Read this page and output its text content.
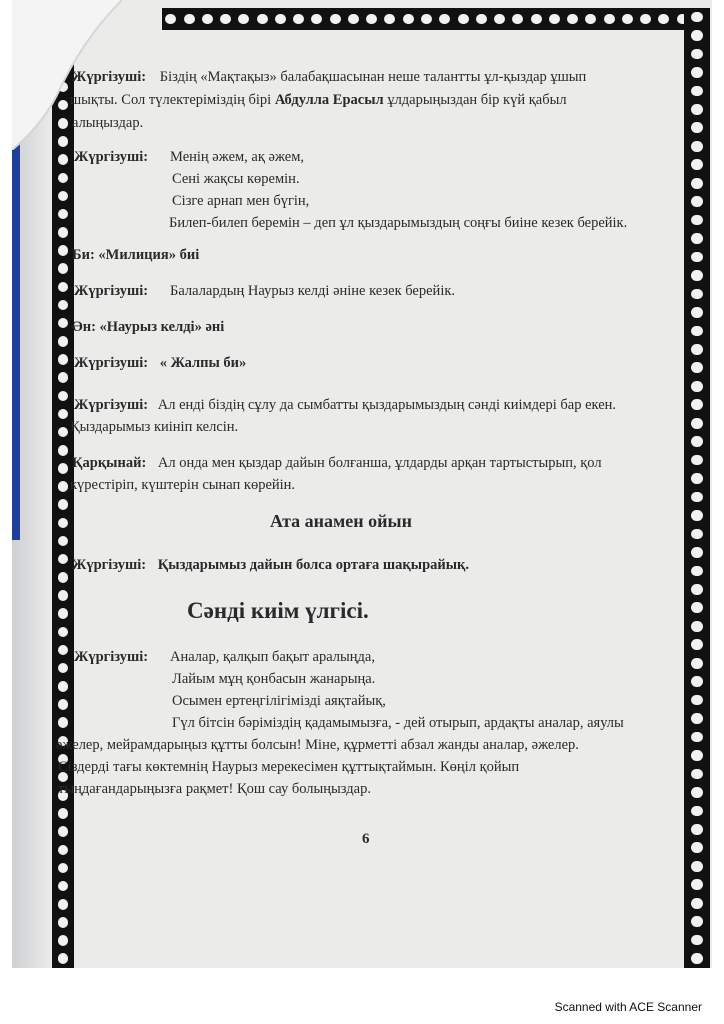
Жүргізуші: Біздің «Мақтақыз» балабақшасынан неше талантты ұл-қыздар ұшып
шықты. Сол түлектеріміздің бірі Абдулла Ерасыл ұлдарыңыздан бір күй қабыл
алыңыздар.
Жүргізуші: Менің әжем, ақ әжем,
Сені жақсы көремін.
Сізге арнап мен бүгін,
Билеп-билеп беремін – деп ұл қыздарымыздың соңғы биіне кезек берейік.
Би: «Милиция» биі
Жүргізуші: Балалардың Наурыз келді әніне кезек берейік.
Ән: «Наурыз келді» әні
Жүргізуші: « Жалпы би»
Жүргізуші: Ал енді біздің сұлу да сымбатты қыздарымыздың сәнді киімдері бар екен.
Қыздарымыз киініп келсін.
Қарқынай: Ал онда мен қыздар дайын болғанша, ұлдарды арқан тартыстырып, қол
күрестіріп, күштерін сынап көрейін.
Ата анамен ойын
Жүргізуші: Қыздарымыз дайын болса ортаға шақырайық.
Сәнді киім үлгісі.
Жүргізуші: Аналар, қалқып бақыт аралыңда,
Лайым мұң қонбасын жанарыңа.
Осымен ертеңгілігімізді аяқтайық,
Гүл бітсін бәріміздің қадамымызға, - дей отырып, ардақты аналар, аяулы
әжелер, мейрамдарыңыз құтты болсын! Міне, құрметті абзал жанды аналар, әжелер.
Сіздерді тағы көктемнің Наурыз мерекесімен құттықтаймын. Көңіл қойып
тыңдағандарыңызға рақмет! Қош сау болыңыздар.
6
Scanned with ACE Scanner
